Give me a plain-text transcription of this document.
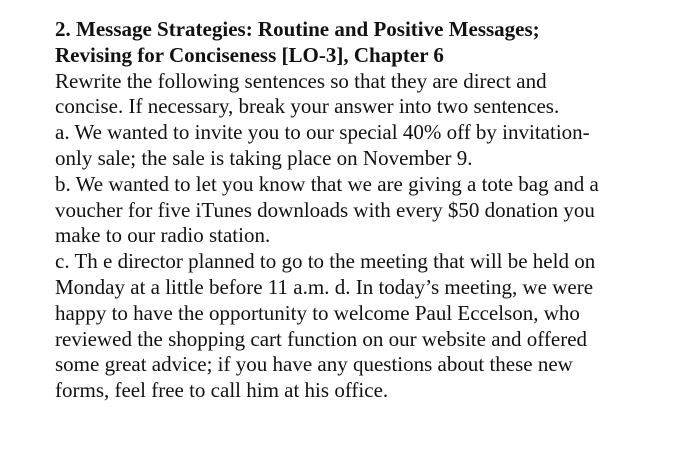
2. Message Strategies: Routine and Positive Messages;
Revising for Conciseness [LO-3], Chapter 6
Rewrite the following sentences so that they are direct and
concise. If necessary, break your answer into two sentences.
a. We wanted to invite you to our special 40% off by invitation-
only sale; the sale is taking place on November 9.
b. We wanted to let you know that we are giving a tote bag and a
voucher for five iTunes downloads with every $50 donation you
make to our radio station.
c. Th e director planned to go to the meeting that will be held on
Monday at a little before 11 a.m. d. In today’s meeting, we were
happy to have the opportunity to welcome Paul Eccelson, who
reviewed the shopping cart function on our website and offered
some great advice; if you have any questions about these new
forms, feel free to call him at his office.
